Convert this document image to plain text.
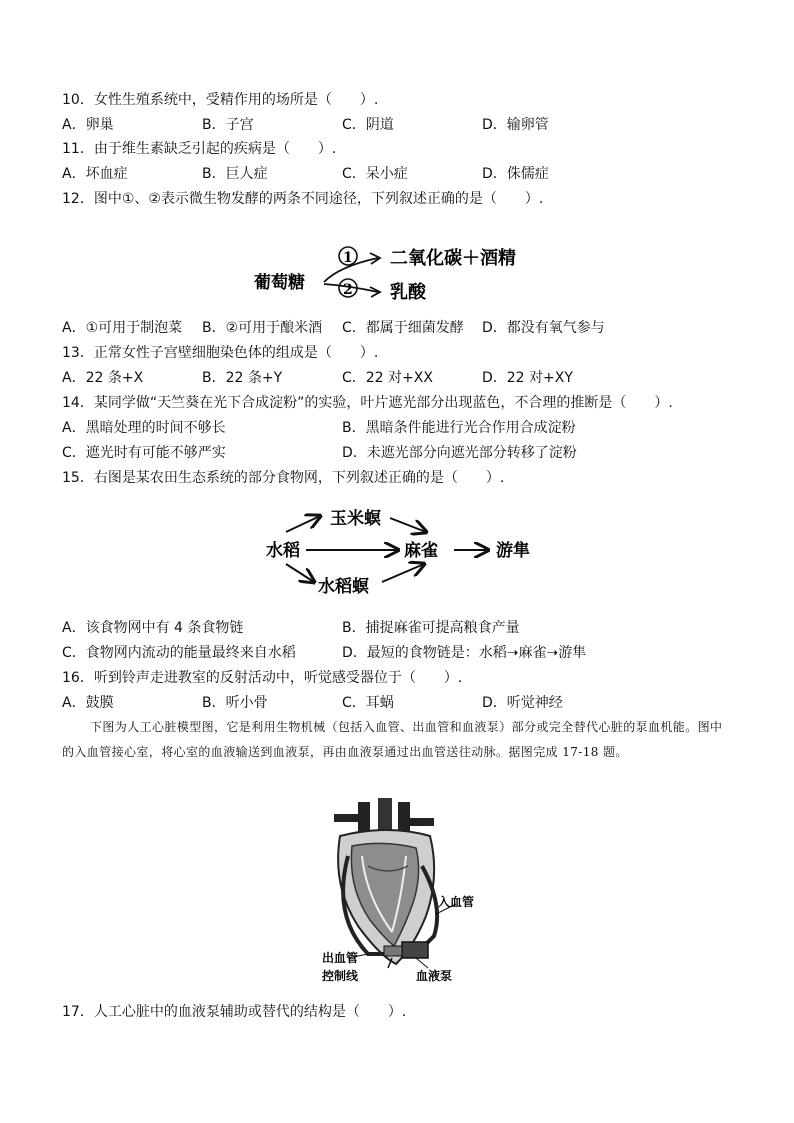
10．女性生殖系统中，受精作用的场所是（　　）.
A．卵巢	B．子宫	C．阴道	D．输卵管
11．由于维生素缺乏引起的疾病是（　　）.
A．坏血症	B．巨人症	C．呆小症	D．侏儒症
12．图中①、②表示微生物发酵的两条不同途径，下列叙述正确的是（　　）.
葡萄糖
1 二氧化碳＋酒精
2 乳酸
A．①可用于制泡菜 B．②可用于酿米酒 C．都属于细菌发酵 D．都没有氧气参与
13．正常女性子宫壁细胞染色体的组成是（　　）.
A．22 条+X	B．22 条+Y	C．22 对+XX	D．22 对+XY
14．某同学做“天竺葵在光下合成淀粉”的实验，叶片遮光部分出现蓝色，不合理的推断是（　　）.
A．黑暗处理的时间不够长	B．黑暗条件能进行光合作用合成淀粉
C．遮光时有可能不够严实	D．未遮光部分向遮光部分转移了淀粉
15．右图是某农田生态系统的部分食物网，下列叙述正确的是（　　）.
水稻
玉米螟
水稻螟
麻雀	游隼
A．该食物网中有 4 条食物链	B．捕捉麻雀可提高粮食产量
C．食物网内流动的能量最终来自水稻	D．最短的食物链是：水稻➝麻雀➝游隼
16．听到铃声走进教室的反射活动中，听觉感受器位于（　　）.
A．鼓膜	B．听小骨	C．耳蜗	D．听觉神经
下图为人工心脏模型图，它是利用生物机械（包括入血管、出血管和血液泵）部分或完全替代心脏的泵血机能。图中的入血管接心室，将心室的血液输送到血液泵，再由血液泵通过出血管送往动脉。据图完成 17-18 题。
入血管
出血管
控制线	血液泵
17．人工心脏中的血液泵辅助或替代的结构是（　　）.
